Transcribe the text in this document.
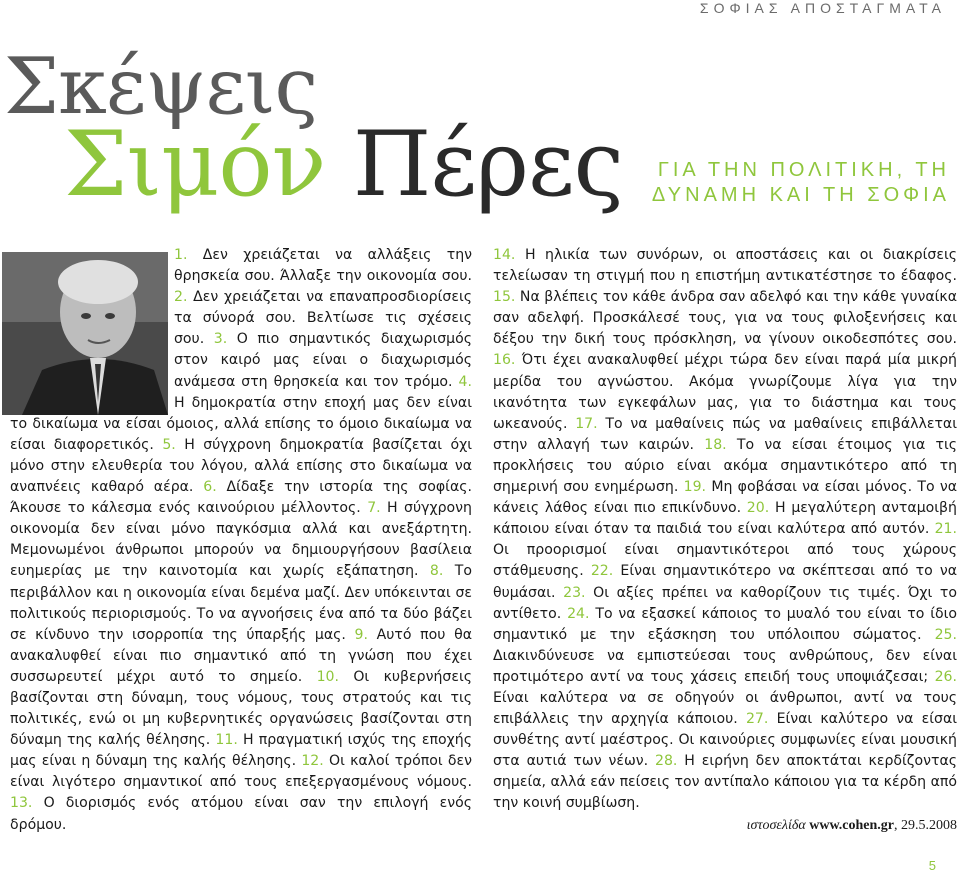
ΣΟΦΙΑΣ ΑΠΟΣΤΑΓΜΑΤΑ
Σκέψεις
Σιμόν Πέρες ΓΙΑ ΤΗΝ ΠΟΛΙΤΙΚΗ, ΤΗ
ΔΥΝΑΜΗ ΚΑΙ ΤΗ ΣΟΦΙΑ
1. Δεν χρειάζεται να αλλάξεις την θρησκεία σου. Άλλαξε την οικονομία σου. 2. Δεν χρειάζεται να επαναπροσδιορίσεις τα σύνορά σου. Βελτίωσε τις σχέσεις σου. 3. Ο πιο σημαντικός διαχωρισμός στον καιρό μας είναι ο διαχωρισμός ανάμεσα στη θρησκεία και τον τρόμο. 4. Η δημοκρατία στην εποχή μας δεν είναι το δικαίωμα να είσαι όμοιος, αλλά επίσης το όμοιο δικαίωμα να είσαι διαφορετικός. 5. Η σύγχρονη δημοκρατία βασίζεται όχι μόνο στην ελευθερία του λόγου, αλλά επίσης στο δικαίωμα να αναπνέεις καθαρό αέρα. 6. Δίδαξε την ιστορία της σοφίας. Άκουσε το κάλεσμα ενός καινούριου μέλλοντος. 7. Η σύγχρονη οικονομία δεν είναι μόνο παγκόσμια αλλά και ανεξάρτητη. Μεμονωμένοι άνθρωποι μπορούν να δημιουργήσουν βασίλεια ευημερίας με την καινοτομία και χωρίς εξάπατηση. 8. Το περιβάλλον και η οικονομία είναι δεμένα μαζί. Δεν υπόκεινται σε πολιτικούς περιορισμούς. Το να αγνοήσεις ένα από τα δύο βάζει σε κίνδυνο την ισορροπία της ύπαρξής μας. 9. Αυτό που θα ανακαλυφθεί είναι πιο σημαντικό από τη γνώση που έχει συσσωρευτεί μέχρι αυτό το σημείο. 10. Οι κυβερνήσεις βασίζονται στη δύναμη, τους νόμους, τους στρατούς και τις πολιτικές, ενώ οι μη κυβερνητικές οργανώσεις βασίζονται στη δύναμη της καλής θέλησης. 11. Η πραγματική ισχύς της εποχής μας είναι η δύναμη της καλής θέλησης. 12. Οι καλοί τρόποι δεν είναι λιγότερο σημαντικοί από τους επεξεργασμένους νόμους. 13. Ο διορισμός ενός ατόμου είναι σαν την επιλογή ενός δρόμου.
14. Η ηλικία των συνόρων, οι αποστάσεις και οι διακρίσεις τελείωσαν τη στιγμή που η επιστήμη αντικατέστησε το έδαφος. 15. Να βλέπεις τον κάθε άνδρα σαν αδελφό και την κάθε γυναίκα σαν αδελφή. Προσκάλεσέ τους, για να τους φιλοξενήσεις και δέξου την δική τους πρόσκληση, να γίνουν οικοδεσπότες σου. 16. Ότι έχει ανακαλυφθεί μέχρι τώρα δεν είναι παρά μία μικρή μερίδα του αγνώστου. Ακόμα γνωρίζουμε λίγα για την ικανότητα των εγκεφάλων μας, για το διάστημα και τους ωκεανούς. 17. Το να μαθαίνεις πώς να μαθαίνεις επιβάλλεται στην αλλαγή των καιρών. 18. Το να είσαι έτοιμος για τις προκλήσεις του αύριο είναι ακόμα σημαντικότερο από τη σημερινή σου ενημέρωση. 19. Μη φοβάσαι να είσαι μόνος. Το να κάνεις λάθος είναι πιο επικίνδυνο. 20. Η μεγαλύτερη ανταμοιβή κάποιου είναι όταν τα παιδιά του είναι καλύτερα από αυτόν. 21. Οι προορισμοί είναι σημαντικότεροι από τους χώρους στάθμευσης. 22. Είναι σημαντικότερο να σκέπτεσαι από το να θυμάσαι. 23. Οι αξίες πρέπει να καθορίζουν τις τιμές. Όχι το αντίθετο. 24. Το να εξασκεί κάποιος το μυαλό του είναι το ίδιο σημαντικό με την εξάσκηση του υπόλοιπου σώματος. 25. Διακινδύνευσε να εμπιστεύεσαι τους ανθρώπους, δεν είναι προτιμότερο αντί να τους χάσεις επειδή τους υποψιάζεσαι; 26. Είναι καλύτερα να σε οδηγούν οι άνθρωποι, αντί να τους επιβάλλεις την αρχηγία κάποιου. 27. Είναι καλύτερο να είσαι συνθέτης αντί μαέστρος. Οι καινούριες συμφωνίες είναι μουσική στα αυτιά των νέων. 28. Η ειρήνη δεν αποκτάται κερδίζοντας σημεία, αλλά εάν πείσεις τον αντίπαλο κάποιου για τα κέρδη από την κοινή συμβίωση.
ιστοσελίδα www.cohen.gr, 29.5.2008
5
